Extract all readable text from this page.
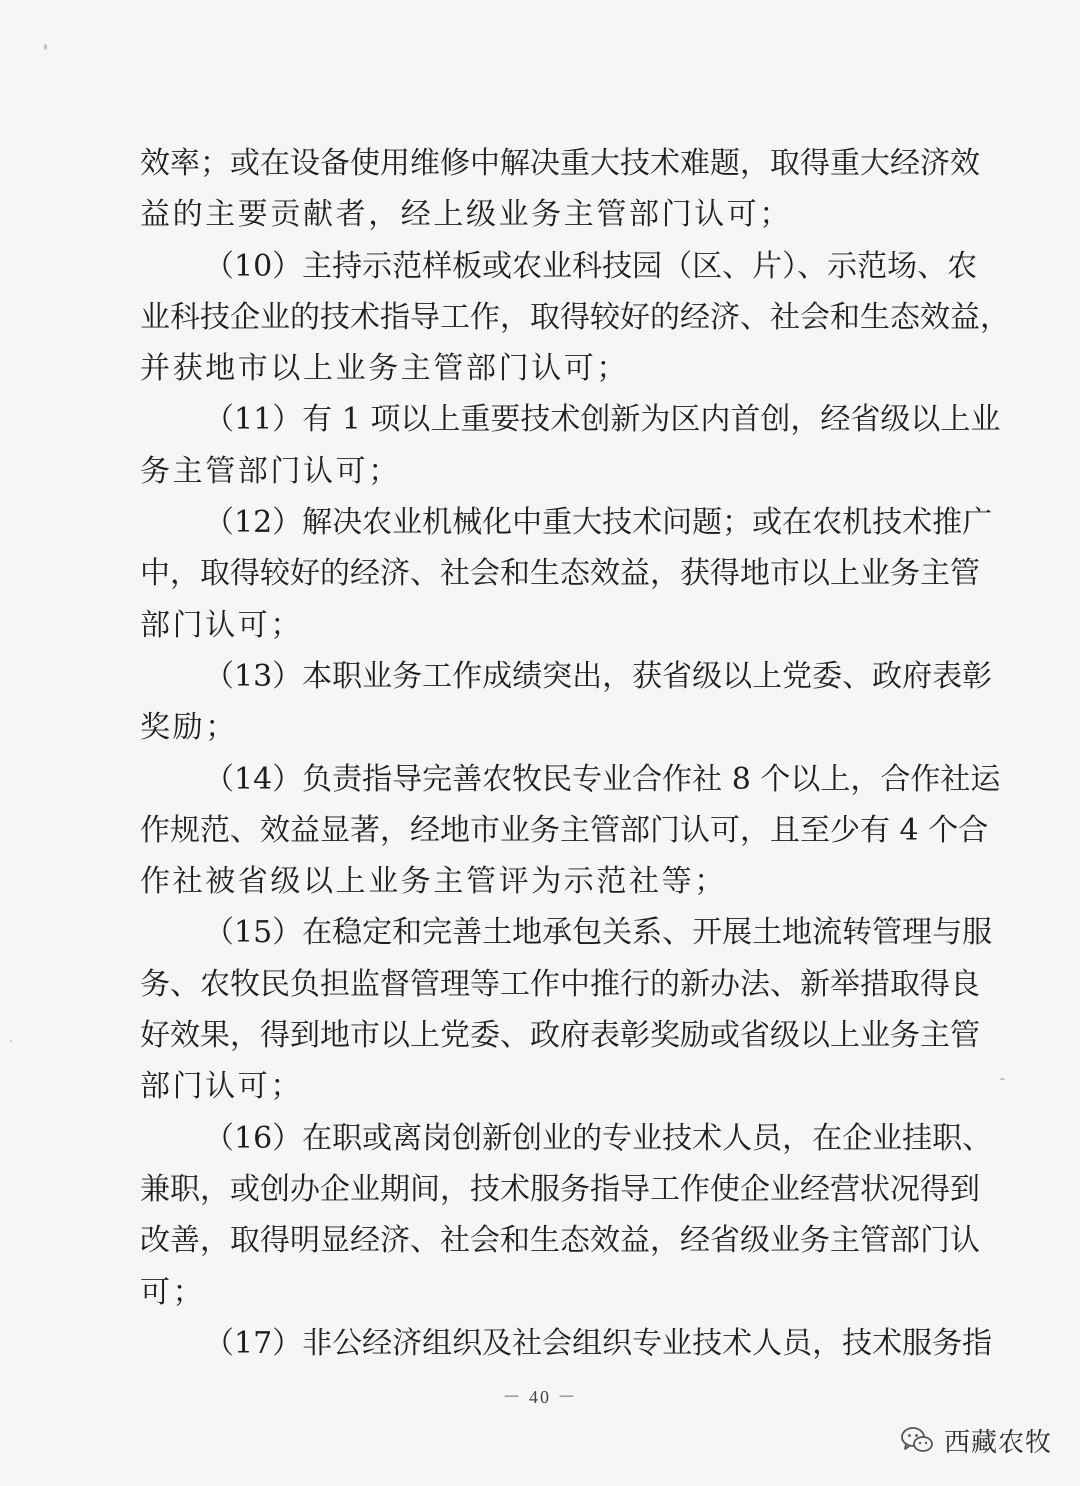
效率；或在设备使用维修中解决重大技术难题，取得重大经济效
益的主要贡献者，经上级业务主管部门认可；
（10）主持示范样板或农业科技园（区、片）、示范场、农
业科技企业的技术指导工作，取得较好的经济、社会和生态效益，
并获地市以上业务主管部门认可；
（11）有 1 项以上重要技术创新为区内首创，经省级以上业
务主管部门认可；
（12）解决农业机械化中重大技术问题；或在农机技术推广
中，取得较好的经济、社会和生态效益，获得地市以上业务主管
部门认可；
（13）本职业务工作成绩突出，获省级以上党委、政府表彰
奖励；
（14）负责指导完善农牧民专业合作社 8 个以上，合作社运
作规范、效益显著，经地市业务主管部门认可，且至少有 4 个合
作社被省级以上业务主管评为示范社等；
（15）在稳定和完善土地承包关系、开展土地流转管理与服
务、农牧民负担监督管理等工作中推行的新办法、新举措取得良
好效果，得到地市以上党委、政府表彰奖励或省级以上业务主管
部门认可；
（16）在职或离岗创新创业的专业技术人员，在企业挂职、
兼职，或创办企业期间，技术服务指导工作使企业经营状况得到
改善，取得明显经济、社会和生态效益，经省级业务主管部门认
可；
（17）非公经济组织及社会组织专业技术人员，技术服务指
－ 40 －
西藏农牧
